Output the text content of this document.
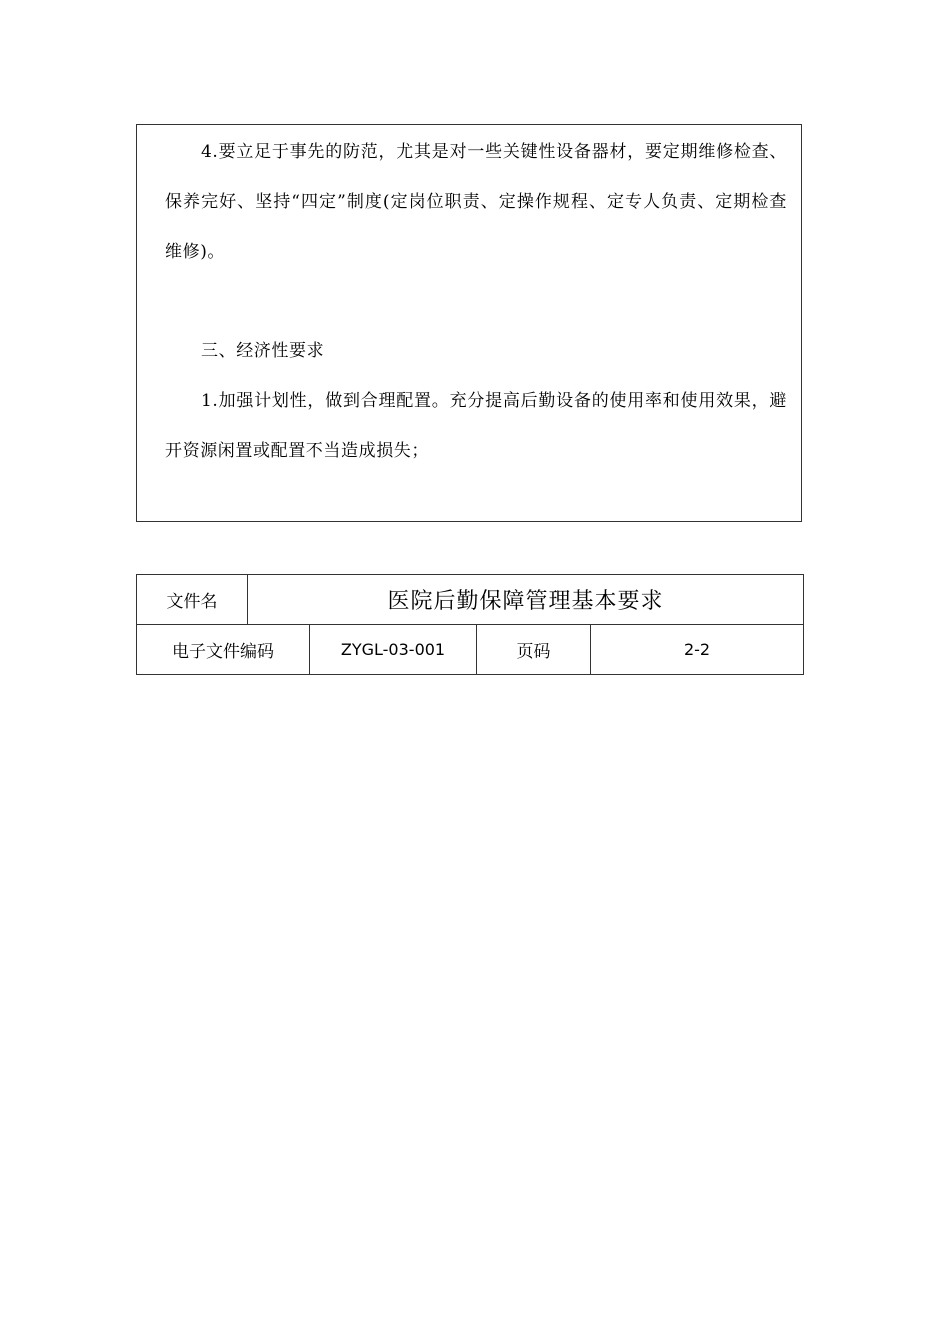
4.要立足于事先的防范，尤其是对一些关键性设备器材，要定期维修检查、保养完好、坚持“四定”制度(定岗位职责、定操作规程、定专人负责、定期检查维修)。
三、经济性要求
1.加强计划性，做到合理配置。充分提高后勤设备的使用率和使用效果，避开资源闲置或配置不当造成损失；
文件名	医院后勤保障管理基本要求			
电子文件编码		ZYGL-03-001	页码	2-2
